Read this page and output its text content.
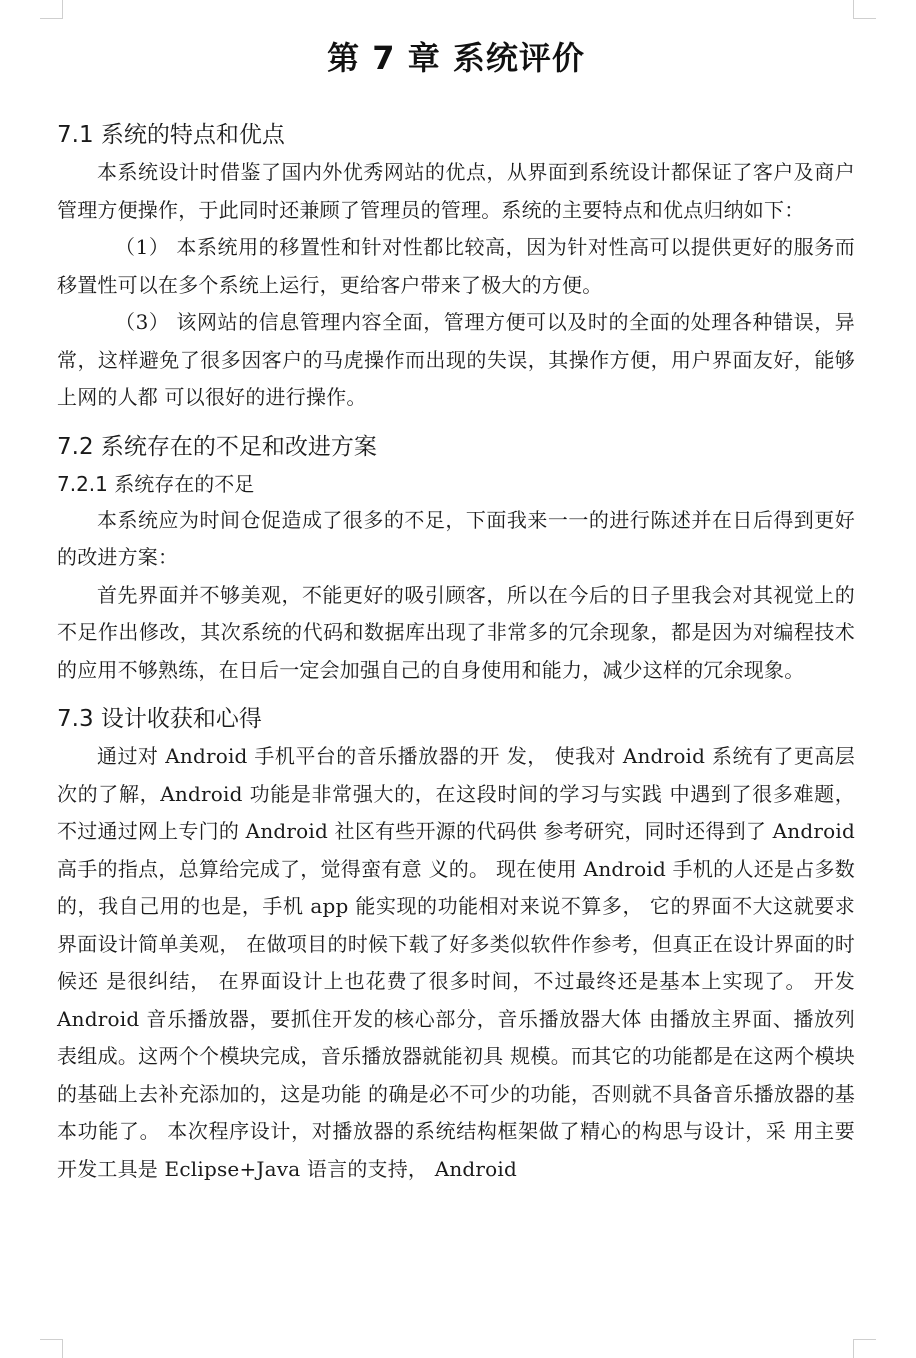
第 7 章 系统评价
7.1 系统的特点和优点

本系统设计时借鉴了国内外优秀网站的优点，从界面到系统设计都保证了客户及商户管理方便操作，于此同时还兼顾了管理员的管理。系统的主要特点和优点归纳如下：

（1） 本系统用的移置性和针对性都比较高，因为针对性高可以提供更好的服务而移置性可以在多个系统上运行，更给客户带来了极大的方便。

（3） 该网站的信息管理内容全面，管理方便可以及时的全面的处理各种错误，异常，这样避免了很多因客户的马虎操作而出现的失误，其操作方便，用户界面友好，能够上网的人都 可以很好的进行操作。

7.2 系统存在的不足和改进方案
7.2.1 系统存在的不足

本系统应为时间仓促造成了很多的不足，下面我来一一的进行陈述并在日后得到更好的改进方案：

首先界面并不够美观，不能更好的吸引顾客，所以在今后的日子里我会对其视觉上的不足作出修改，其次系统的代码和数据库出现了非常多的冗余现象，都是因为对编程技术的应用不够熟练，在日后一定会加强自己的自身使用和能力，减少这样的冗余现象。

7.3 设计收获和心得

通过对 Android 手机平台的音乐播放器的开 发， 使我对 Android 系统有了更高层次的了解，Android 功能是非常强大的，在这段时间的学习与实践 中遇到了很多难题，不过通过网上专门的 Android 社区有些开源的代码供 参考研究，同时还得到了 Android 高手的指点，总算给完成了，觉得蛮有意 义的。 现在使用 Android 手机的人还是占多数的，我自己用的也是，手机 app 能实现的功能相对来说不算多， 它的界面不大这就要求界面设计简单美观， 在做项目的时候下载了好多类似软件作参考，但真正在设计界面的时候还 是很纠结， 在界面设计上也花费了很多时间，不过最终还是基本上实现了。 开发 Android 音乐播放器，要抓住开发的核心部分，音乐播放器大体 由播放主界面、播放列表组成。这两个个模块完成，音乐播放器就能初具 规模。而其它的功能都是在这两个模块的基础上去补充添加的，这是功能 的确是必不可少的功能，否则就不具备音乐播放器的基 本功能了。 本次程序设计，对播放器的系统结构框架做了精心的构思与设计，采 用主要开发工具是 Eclipse+Java 语言的支持， Android
